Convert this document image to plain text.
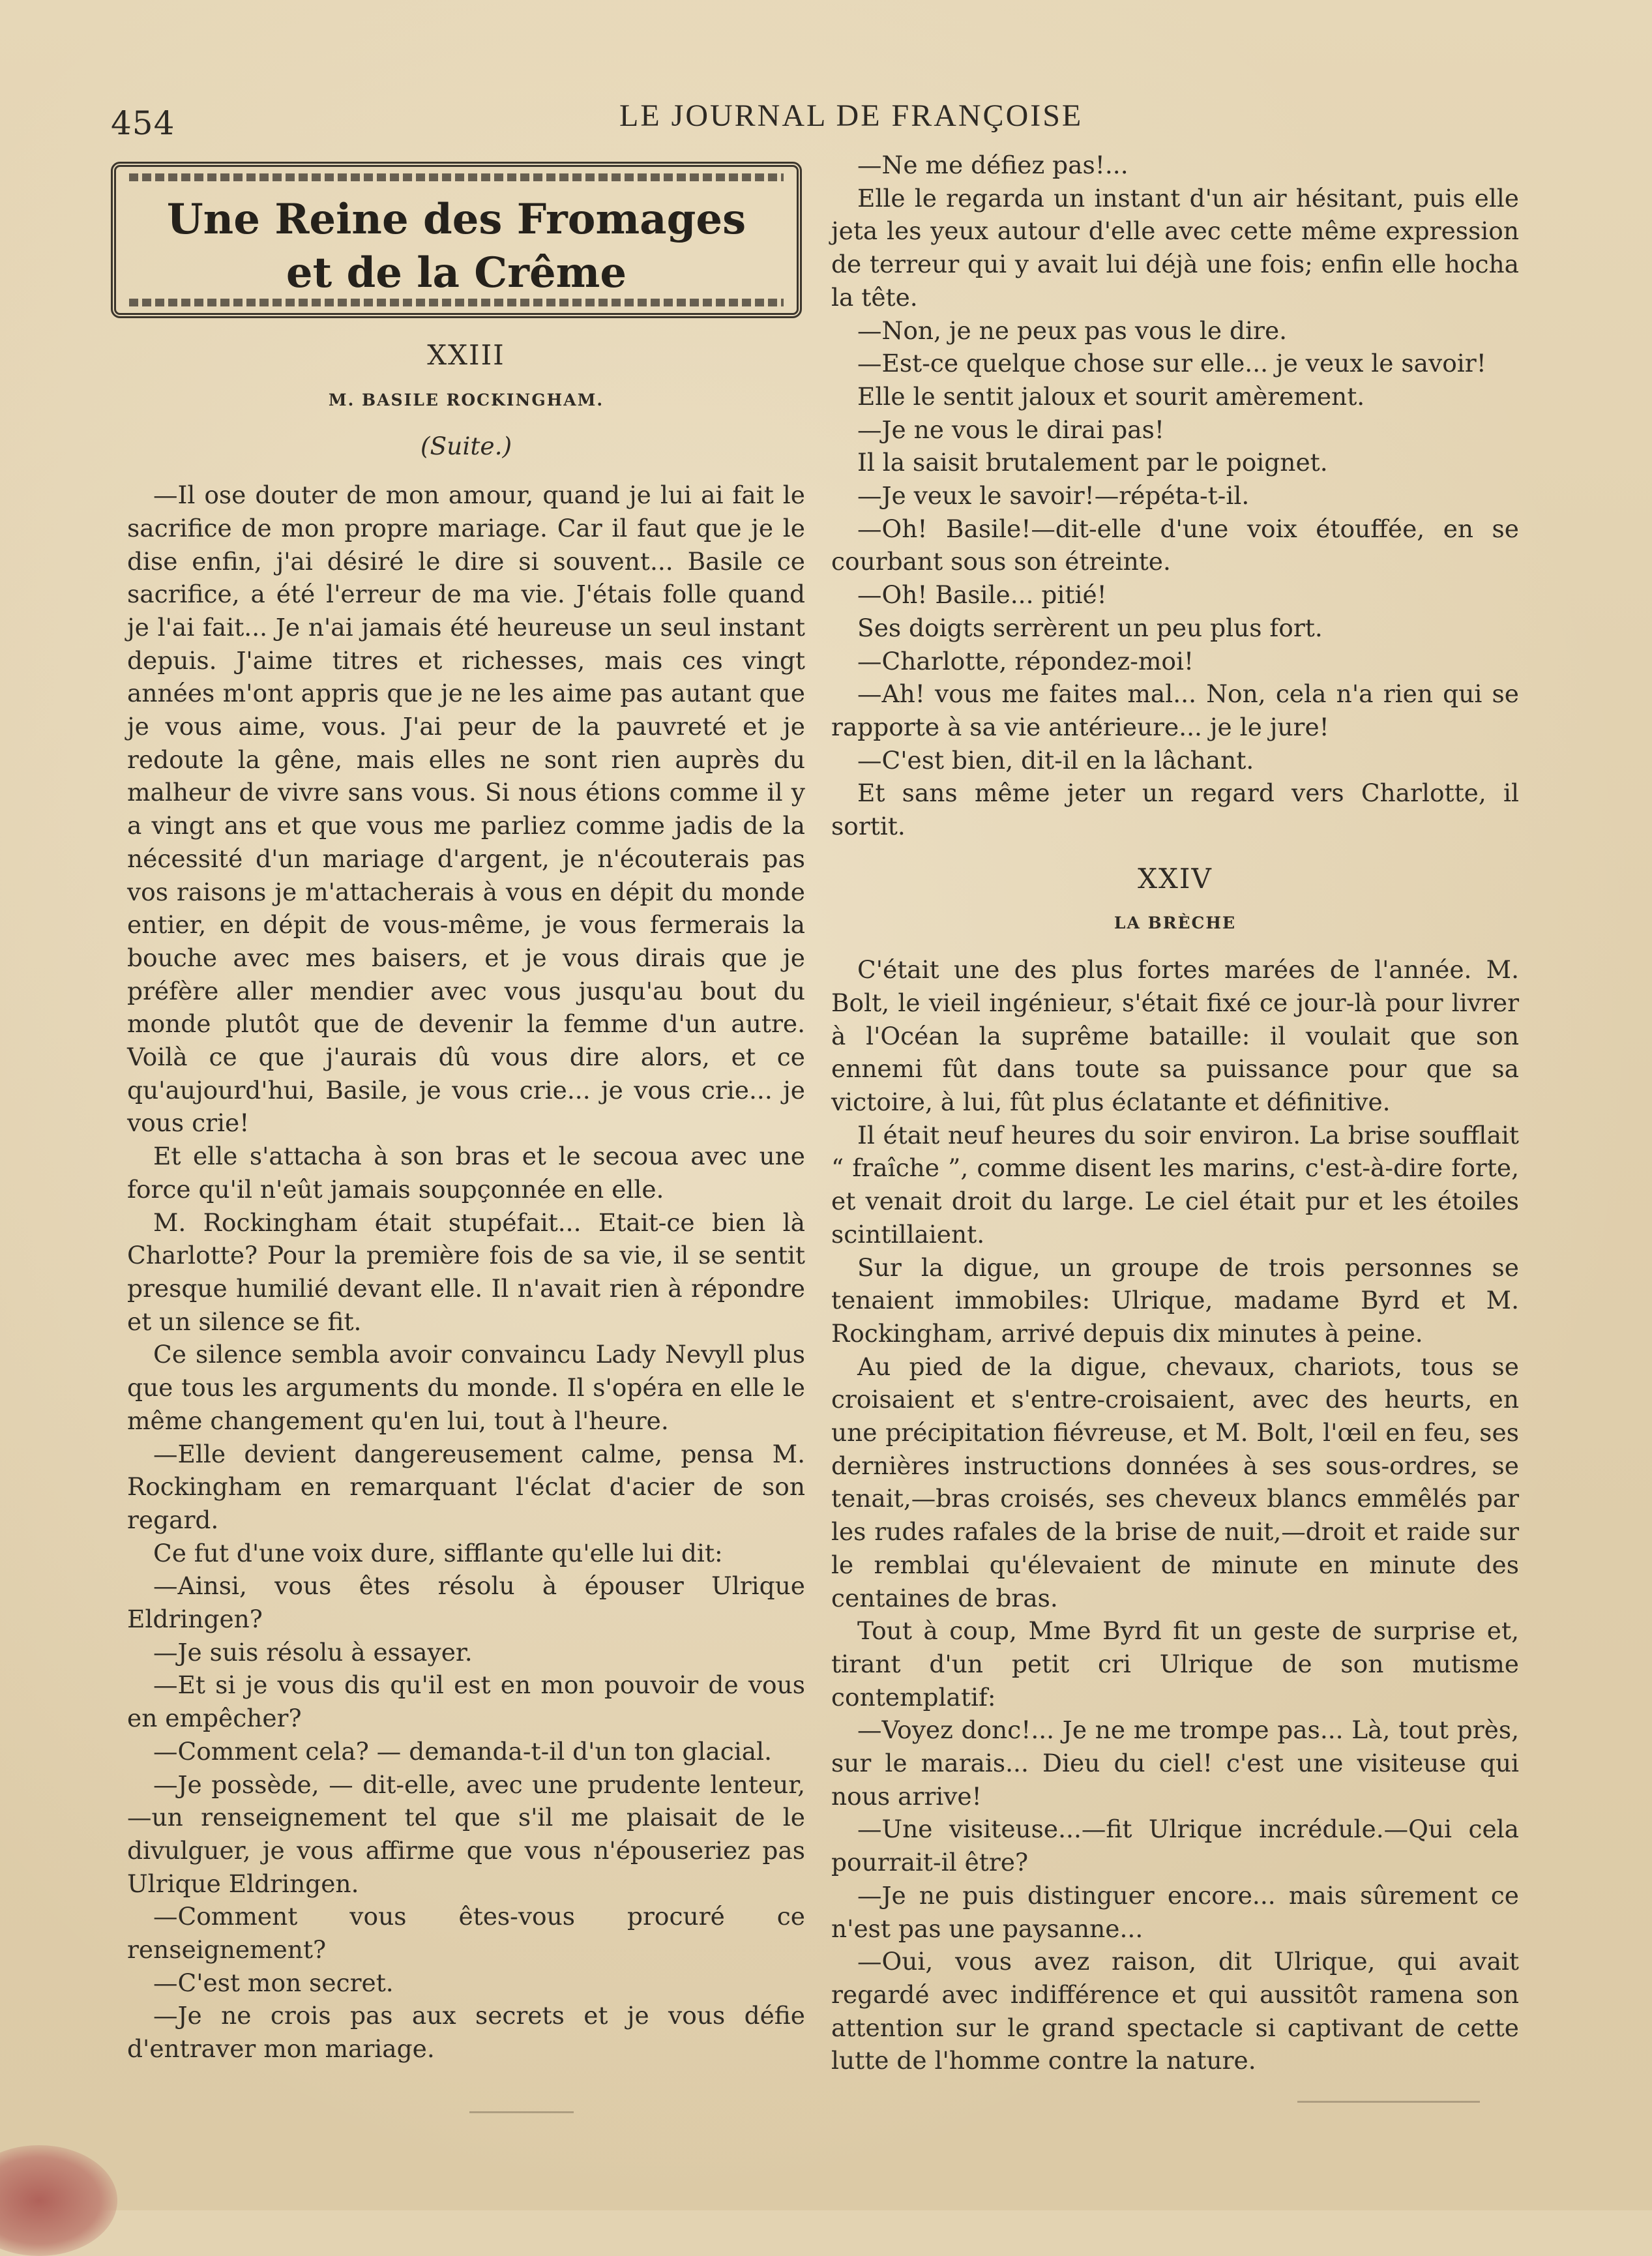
454	LE JOURNAL DE FRANÇOISE
Une Reine des Fromages
et de la Crême
XXIII
M. BASILE ROCKINGHAM.
(Suite.)

—Il ose douter de mon amour, quand je lui ai fait le sacrifice de mon propre mariage. Car il faut que je le dise enfin, j'ai désiré le dire si souvent... Basile ce sacrifice, a été l'erreur de ma vie. J'étais folle quand je l'ai fait... Je n'ai jamais été heureuse un seul instant depuis. J'aime titres et richesses, mais ces vingt années m'ont appris que je ne les aime pas autant que je vous aime, vous. J'ai peur de la pauvreté et je redoute la gêne, mais elles ne sont rien auprès du malheur de vivre sans vous. Si nous étions comme il y a vingt ans et que vous me parliez comme jadis de la nécessité d'un mariage d'argent, je n'écouterais pas vos raisons je m'attacherais à vous en dépit du monde entier, en dépit de vous-même, je vous fermerais la bouche avec mes baisers, et je vous dirais que je préfère aller mendier avec vous jusqu'au bout du monde plutôt que de devenir la femme d'un autre. Voilà ce que j'aurais dû vous dire alors, et ce qu'aujourd'hui, Basile, je vous crie... je vous crie... je vous crie!

Et elle s'attacha à son bras et le secoua avec une force qu'il n'eût jamais soupçonnée en elle.

M. Rockingham était stupéfait... Etait-ce bien là Charlotte? Pour la première fois de sa vie, il se sentit presque humilié devant elle. Il n'avait rien à répondre et un silence se fit.

Ce silence sembla avoir convaincu Lady Nevyll plus que tous les arguments du monde. Il s'opéra en elle le même changement qu'en lui, tout à l'heure.

—Elle devient dangereusement calme, pensa M. Rockingham en remarquant l'éclat d'acier de son regard.

Ce fut d'une voix dure, sifflante qu'elle lui dit:

—Ainsi, vous êtes résolu à épouser Ulrique Eldringen?

—Je suis résolu à essayer.

—Et si je vous dis qu'il est en mon pouvoir de vous en empêcher?

—Comment cela? — demanda-t-il d'un ton glacial.

—Je possède, — dit-elle, avec une prudente lenteur, —un renseignement tel que s'il me plaisait de le divulguer, je vous affirme que vous n'épouseriez pas Ulrique Eldringen.

—Comment vous êtes-vous procuré ce renseignement?

—C'est mon secret.

—Je ne crois pas aux secrets et je vous défie d'entraver mon mariage.

—Ne me défiez pas!...

Elle le regarda un instant d'un air hésitant, puis elle jeta les yeux autour d'elle avec cette même expression de terreur qui y avait lui déjà une fois; enfin elle hocha la tête.

—Non, je ne peux pas vous le dire.

—Est-ce quelque chose sur elle... je veux le savoir!

Elle le sentit jaloux et sourit amèrement.

—Je ne vous le dirai pas!

Il la saisit brutalement par le poignet.

—Je veux le savoir!—répéta-t-il.

—Oh! Basile!—dit-elle d'une voix étouffée, en se courbant sous son étreinte.

—Oh! Basile... pitié!

Ses doigts serrèrent un peu plus fort.

—Charlotte, répondez-moi!

—Ah! vous me faites mal... Non, cela n'a rien qui se rapporte à sa vie antérieure... je le jure!

—C'est bien, dit-il en la lâchant.

Et sans même jeter un regard vers Charlotte, il sortit.

XXIV
LA BRÈCHE

C'était une des plus fortes marées de l'année. M. Bolt, le vieil ingénieur, s'était fixé ce jour-là pour livrer à l'Océan la suprême bataille: il voulait que son ennemi fût dans toute sa puissance pour que sa victoire, à lui, fût plus éclatante et définitive.

Il était neuf heures du soir environ. La brise soufflait “ fraîche ”, comme disent les marins, c'est-à-dire forte, et venait droit du large. Le ciel était pur et les étoiles scintillaient.

Sur la digue, un groupe de trois personnes se tenaient immobiles: Ulrique, madame Byrd et M. Rockingham, arrivé depuis dix minutes à peine.

Au pied de la digue, chevaux, chariots, tous se croisaient et s'entre-croisaient, avec des heurts, en une précipitation fiévreuse, et M. Bolt, l'œil en feu, ses dernières instructions données à ses sous-ordres, se tenait,—bras croisés, ses cheveux blancs emmêlés par les rudes rafales de la brise de nuit,—droit et raide sur le remblai qu'élevaient de minute en minute des centaines de bras.

Tout à coup, Mme Byrd fit un geste de surprise et, tirant d'un petit cri Ulrique de son mutisme contemplatif:

—Voyez donc!... Je ne me trompe pas... Là, tout près, sur le marais... Dieu du ciel! c'est une visiteuse qui nous arrive!

—Une visiteuse...—fit Ulrique incrédule.—Qui cela pourrait-il être?

—Je ne puis distinguer encore... mais sûrement ce n'est pas une paysanne...

—Oui, vous avez raison, dit Ulrique, qui avait regardé avec indifférence et qui aussitôt ramena son attention sur le grand spectacle si captivant de cette lutte de l'homme contre la nature.
